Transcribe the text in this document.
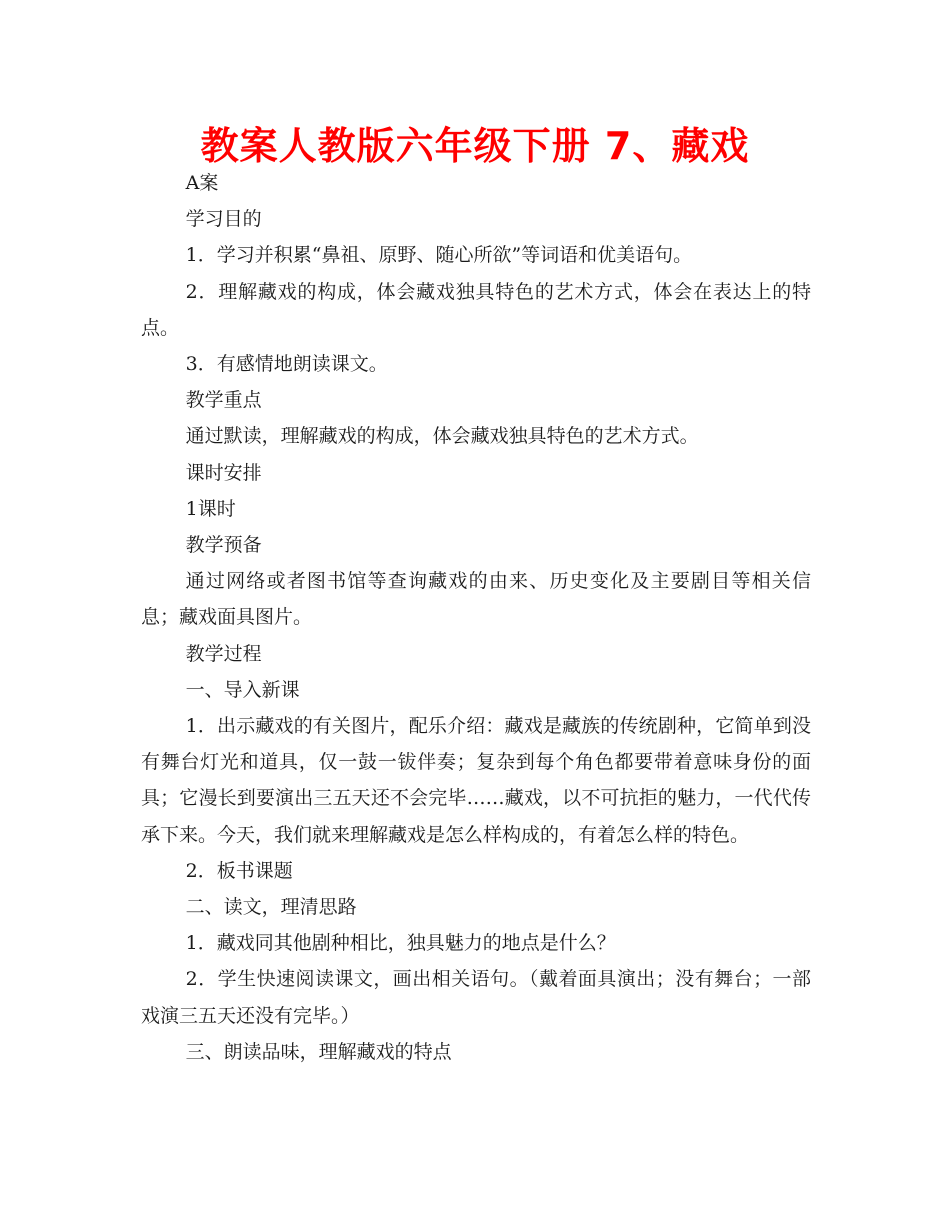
教案人教版六年级下册 7、藏戏

A案

学习目的

1．学习并积累“鼻祖、原野、随心所欲”等词语和优美语句。

2．理解藏戏的构成，体会藏戏独具特色的艺术方式，体会在表达上的特点。

3．有感情地朗读课文。

教学重点

通过默读，理解藏戏的构成，体会藏戏独具特色的艺术方式。

课时安排

1课时

教学预备

通过网络或者图书馆等查询藏戏的由来、历史变化及主要剧目等相关信息；藏戏面具图片。

教学过程

一、导入新课

1．出示藏戏的有关图片，配乐介绍：藏戏是藏族的传统剧种，它简单到没有舞台灯光和道具，仅一鼓一钹伴奏；复杂到每个角色都要带着意味身份的面具；它漫长到要演出三五天还不会完毕……藏戏，以不可抗拒的魅力，一代代传承下来。今天，我们就来理解藏戏是怎么样构成的，有着怎么样的特色。

2．板书课题

二、读文，理清思路

1．藏戏同其他剧种相比，独具魅力的地点是什么？

2．学生快速阅读课文，画出相关语句。（戴着面具演出；没有舞台；一部戏演三五天还没有完毕。）

三、朗读品味，理解藏戏的特点
